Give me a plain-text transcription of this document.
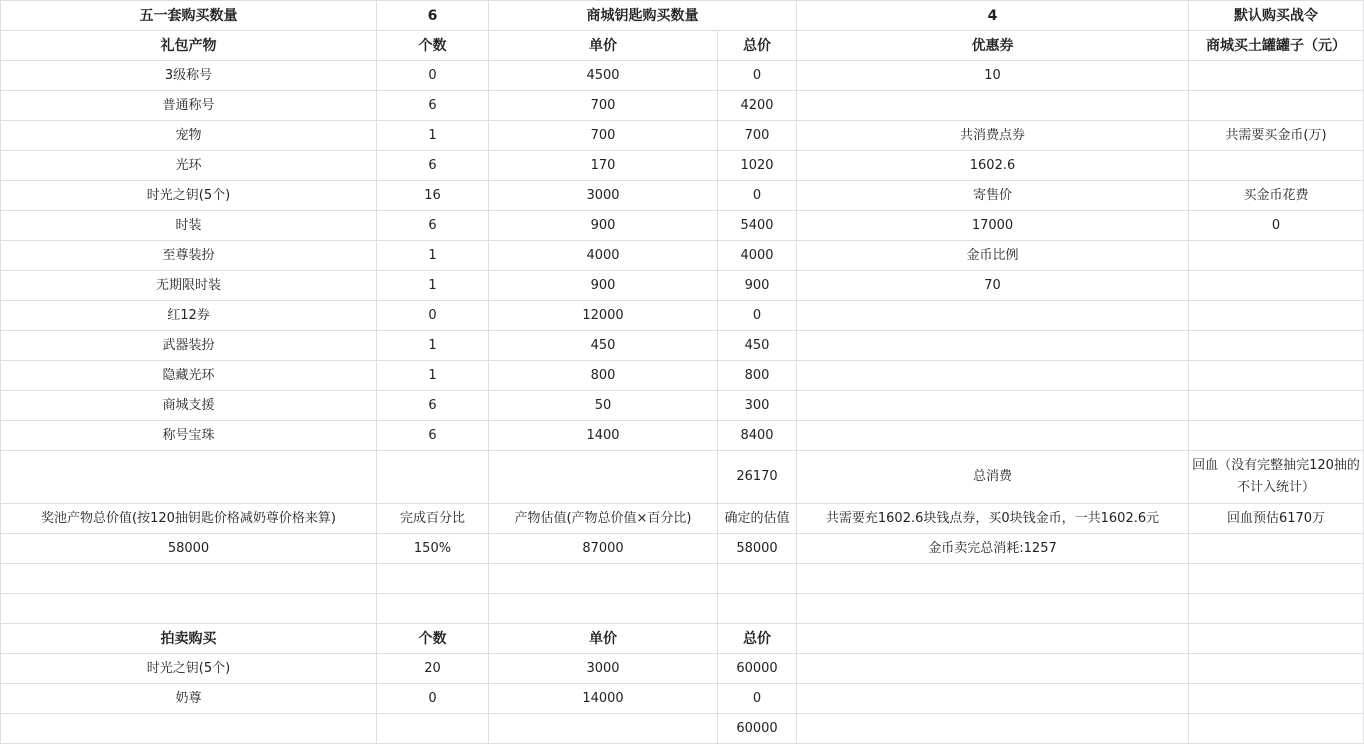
五一套购买数量	6	商城钥匙购买数量		4	默认购买战令
礼包产物	个数	单价	总价	优惠券	商城买土罐罐子（元）
3级称号	0	4500	0	10	
普通称号	6	700	4200		
宠物	1	700	700	共消费点券	共需要买金币(万)
光环	6	170	1020	1602.6	
时光之钥(5个)	16	3000	0	寄售价	买金币花费
时装	6	900	5400	17000	0
至尊装扮	1	4000	4000	金币比例	
无期限时装	1	900	900	70	
红12券	0	12000	0		
武器装扮	1	450	450		
隐藏光环	1	800	800		
商城支援	6	50	300		
称号宝珠	6	1400	8400		
			26170	总消费	回血（没有完整抽完120抽的不计入统计）
奖池产物总价值(按120抽钥匙价格减奶尊价格来算)	完成百分比	产物估值(产物总价值×百分比)	确定的估值	共需要充1602.6块钱点券，买0块钱金币，一共1602.6元	回血预估6170万
58000	150%	87000	58000	金币卖完总消耗:1257	

拍卖购买	个数	单价	总价		
时光之钥(5个)	20	3000	60000		
奶尊	0	14000	0		
			60000		
